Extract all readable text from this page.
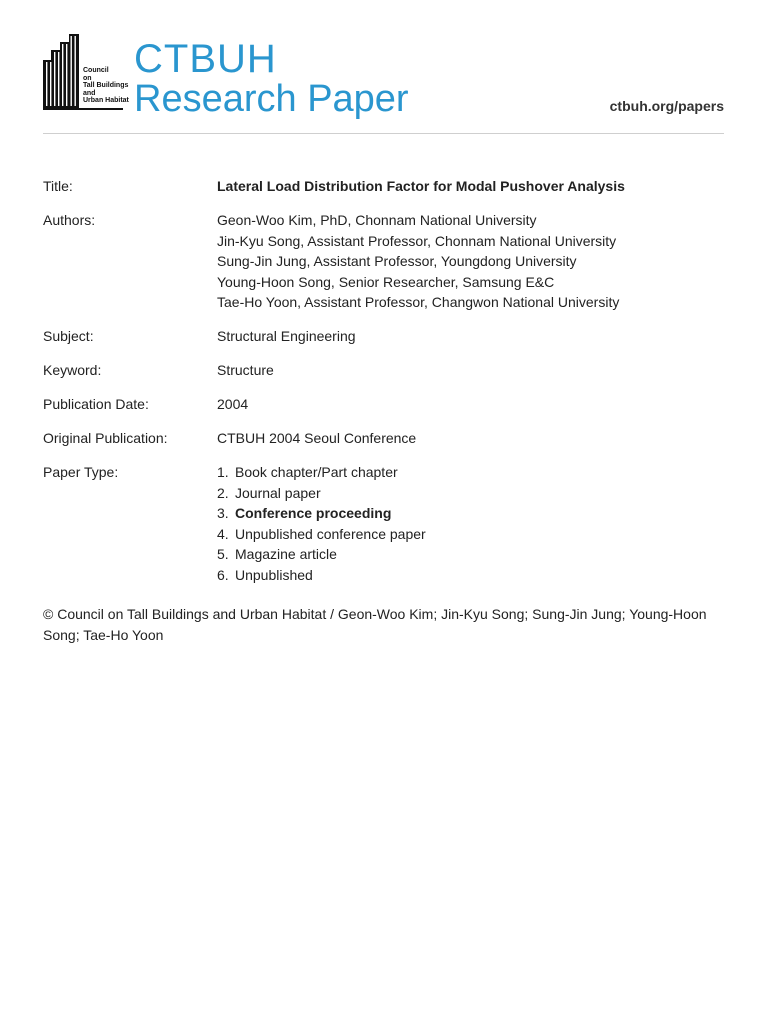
Council
on
Tall Buildings
and
Urban Habitat
CTBUH
Research Paper	ctbuh.org/papers
Title:	Lateral Load Distribution Factor for Modal Pushover Analysis
Authors:	Geon-Woo Kim, PhD, Chonnam National University
Jin-Kyu Song, Assistant Professor, Chonnam National University
Sung-Jin Jung, Assistant Professor, Youngdong University
Young-Hoon Song, Senior Researcher, Samsung E&C
Tae-Ho Yoon, Assistant Professor, Changwon National University
Subject:	Structural Engineering
Keyword:	Structure
Publication Date:	2004
Original Publication:	CTBUH 2004 Seoul Conference
Paper Type:	1. Book chapter/Part chapter
2. Journal paper
3. Conference proceeding
4. Unpublished conference paper
5. Magazine article
6. Unpublished
© Council on Tall Buildings and Urban Habitat / Geon-Woo Kim; Jin-Kyu Song; Sung-Jin Jung; Young-Hoon Song; Tae-Ho Yoon
